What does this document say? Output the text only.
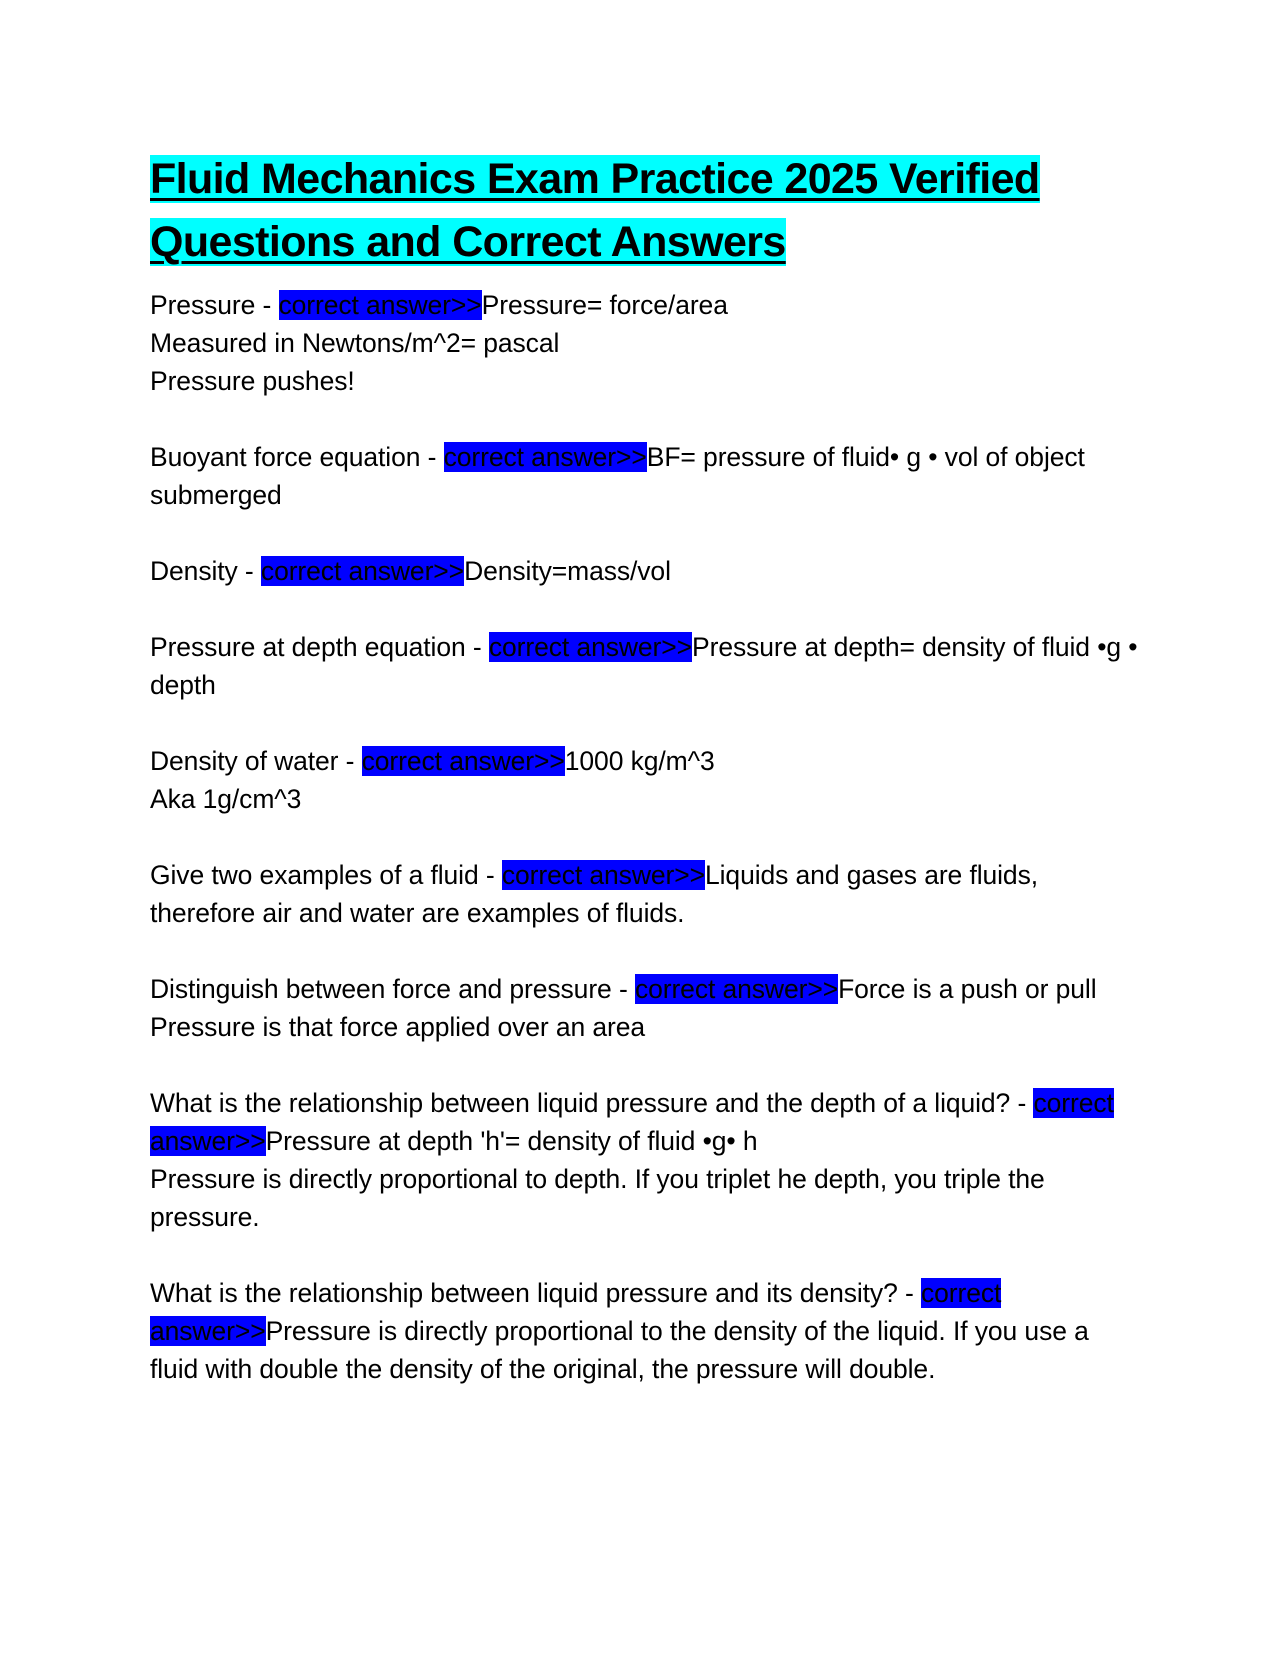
Fluid Mechanics Exam Practice 2025 Verified
Questions and Correct Answers
Pressure - correct answer>>Pressure= force/area
Measured in Newtons/m^2= pascal
Pressure pushes!
Buoyant force equation - correct answer>>BF= pressure of fluid• g • vol of object submerged
Density - correct answer>>Density=mass/vol
Pressure at depth equation - correct answer>>Pressure at depth= density of fluid •g • depth
Density of water - correct answer>>1000 kg/m^3
Aka 1g/cm^3
Give two examples of a fluid - correct answer>>Liquids and gases are fluids, therefore air and water are examples of fluids.
Distinguish between force and pressure - correct answer>>Force is a push or pull
Pressure is that force applied over an area
What is the relationship between liquid pressure and the depth of a liquid? - correct answer>>Pressure at depth 'h'= density of fluid •g• h
Pressure is directly proportional to depth. If you triplet he depth, you triple the pressure.
What is the relationship between liquid pressure and its density? - correct answer>>Pressure is directly proportional to the density of the liquid. If you use a fluid with double the density of the original, the pressure will double.
